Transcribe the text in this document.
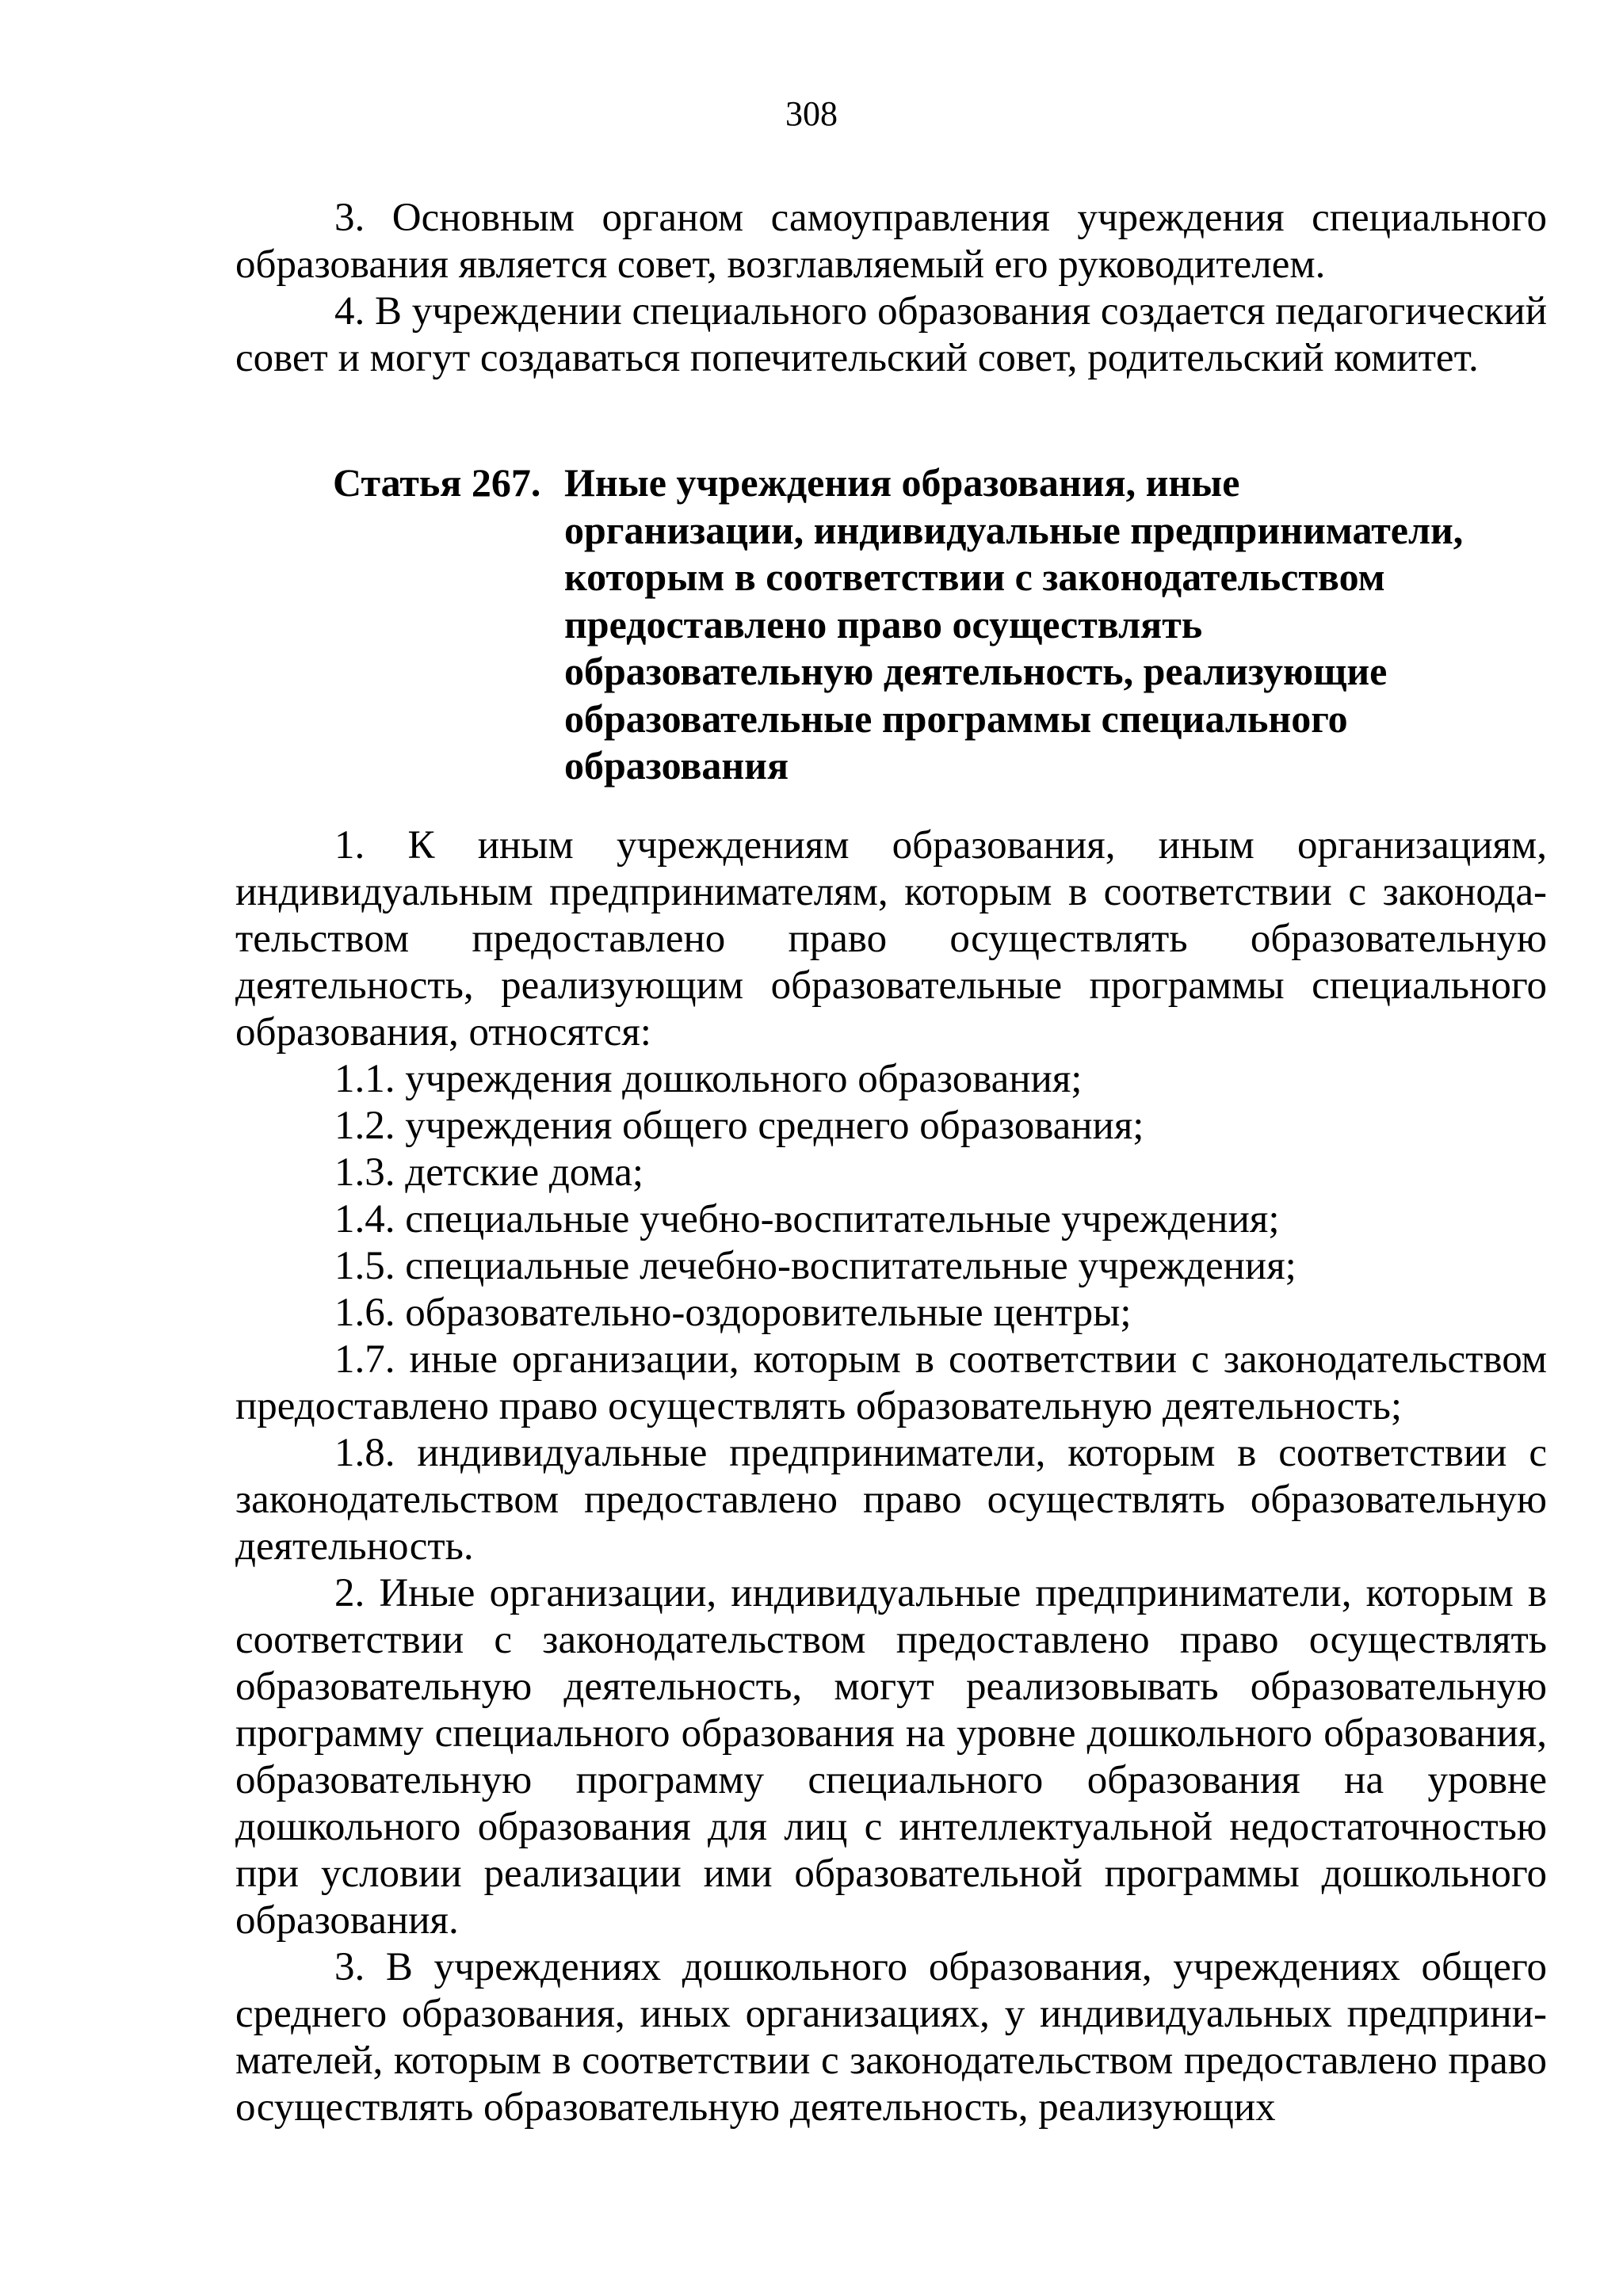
308

3. Основным органом самоуправления учреждения специального образования является совет, возглавляемый его руководителем.

4. В учреждении специального образования создается педагогический совет и могут создаваться попечительский совет, родительский комитет.

Статья 267. Иные учреждения образования, иные
организации, индивидуальные предприниматели,
которым в соответствии с законодательством
предоставлено право осуществлять
образовательную деятельность, реализующие
образовательные программы специального
образования

1. К иным учреждениям образования, иным организациям, индивидуальным предпринимателям, которым в соответствии с законодательством предоставлено право осуществлять образовательную деятельность, реализующим образовательные программы специального образования, относятся:

1.1. учреждения дошкольного образования;

1.2. учреждения общего среднего образования;

1.3. детские дома;

1.4. специальные учебно-воспитательные учреждения;

1.5. специальные лечебно-воспитательные учреждения;

1.6. образовательно-оздоровительные центры;

1.7. иные организации, которым в соответствии с законодательством предоставлено право осуществлять образовательную деятельность;

1.8. индивидуальные предприниматели, которым в соответствии с законодательством предоставлено право осуществлять образовательную деятельность.

2. Иные организации, индивидуальные предприниматели, которым в соответствии с законодательством предоставлено право осуществлять образовательную деятельность, могут реализовывать образовательную программу специального образования на уровне дошкольного образования, образовательную программу специального образования на уровне дошкольного образования для лиц с интеллектуальной недостаточностью при условии реализации ими образовательной программы дошкольного образования.

3. В учреждениях дошкольного образования, учреждениях общего среднего образования, иных организациях, у индивидуальных предпринимателей, которым в соответствии с законодательством предоставлено право осуществлять образовательную деятельность, реализующих
